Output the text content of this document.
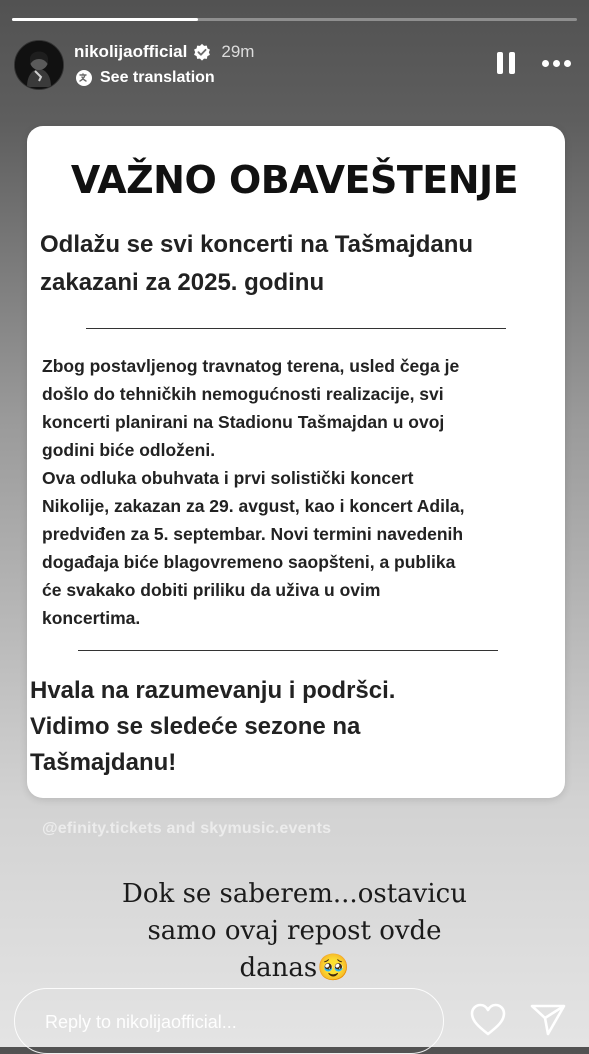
nikolijaofficial 29m
See translation
VAŽNO OBAVEŠTENJE
Odlažu se svi koncerti na Tašmajdanu
zakazani za 2025. godinu
Zbog postavljenog travnatog terena, usled čega je
došlo do tehničkih nemogućnosti realizacije, svi
koncerti planirani na Stadionu Tašmajdan u ovoj
godini biće odloženi.
Ova odluka obuhvata i prvi solistički koncert
Nikolije, zakazan za 29. avgust, kao i koncert Adila,
predviđen za 5. septembar. Novi termini navedenih
događaja biće blagovremeno saopšteni, a publika
će svakako dobiti priliku da uživa u ovim
koncertima.
Hvala na razumevanju i podršci.
Vidimo se sledeće sezone na
Tašmajdanu!
@efinity.tickets and skymusic.events
Dok se saberem...ostavicu
samo ovaj repost ovde
danas🥹
Reply to nikolijaofficial...
